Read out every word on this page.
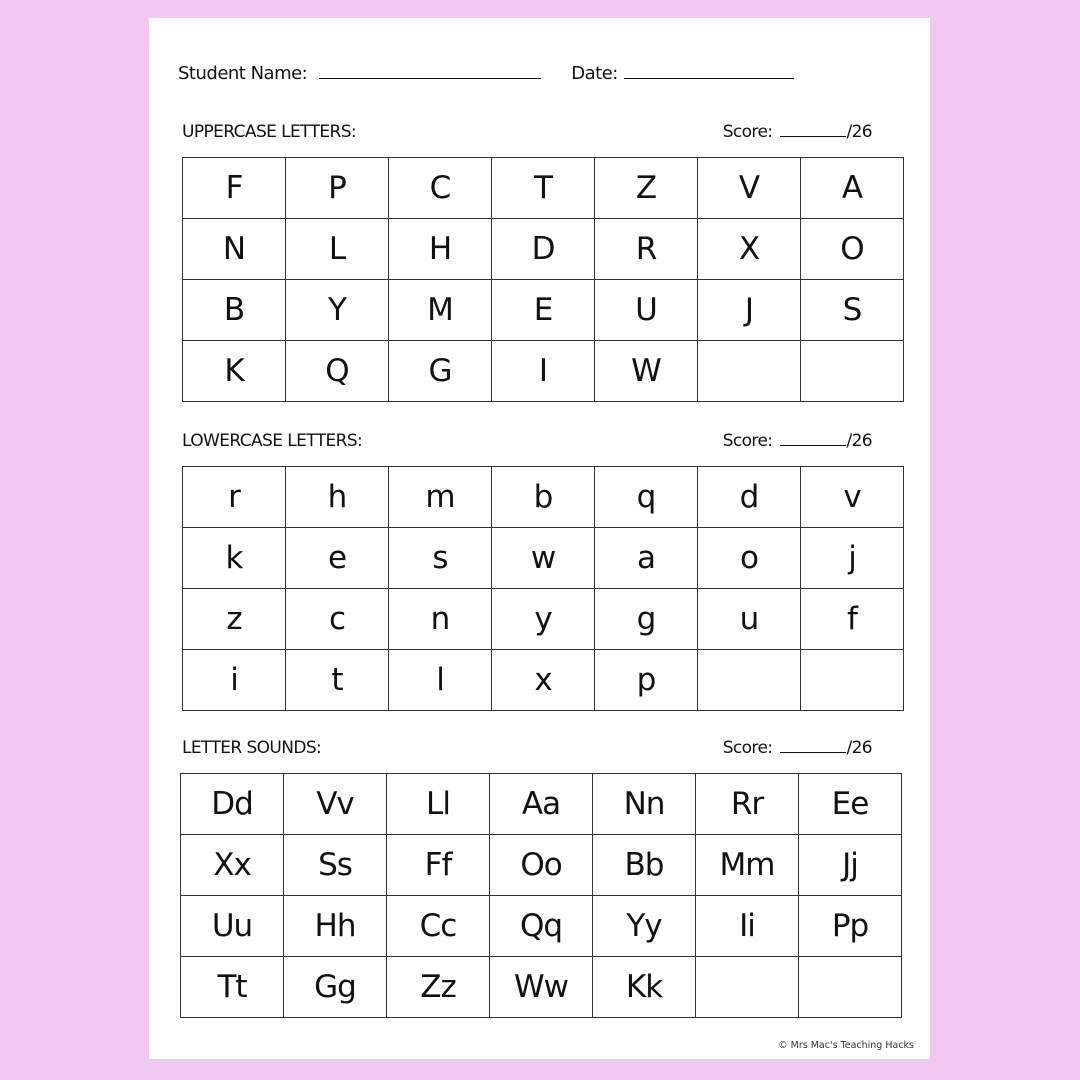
Student Name:	Date:
UPPERCASE LETTERS:	Score:	/26
F	P	C	T	Z	V	A
N	L	H	D	R	X	O
B	Y	M	E	U	J	S
K	Q	G	I	W		
LOWERCASE LETTERS:	Score:	/26
r	h	m	b	q	d	v
k	e	s	w	a	o	j
z	c	n	y	g	u	f
i	t	l	x	p		
LETTER SOUNDS:	Score:	/26
Dd	Vv	Ll	Aa	Nn	Rr	Ee
Xx	Ss	Ff	Oo	Bb	Mm	Jj
Uu	Hh	Cc	Qq	Yy	Ii	Pp
Tt	Gg	Zz	Ww	Kk		
© Mrs Mac's Teaching Hacks
